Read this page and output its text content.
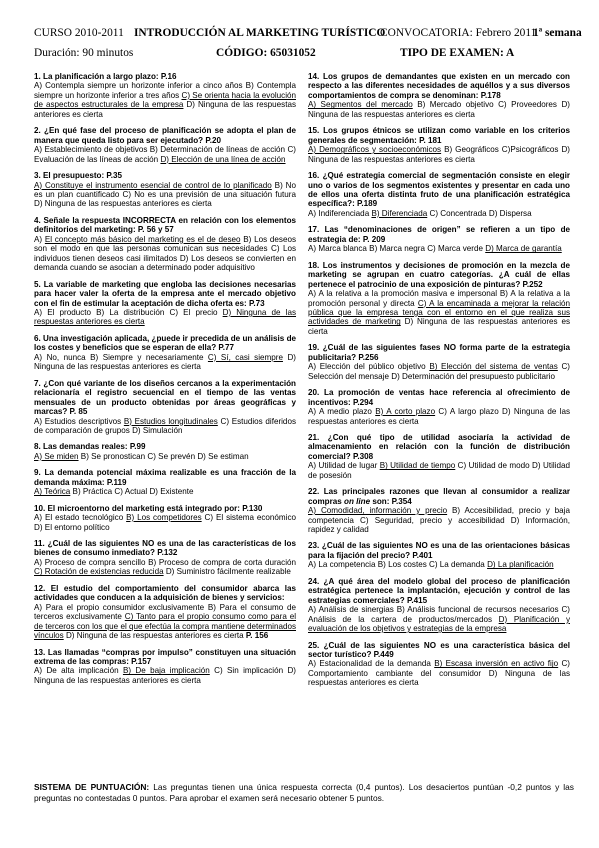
CURSO 2010-2011 INTRODUCCIÓN AL MARKETING TURÍSTICO
CONVOCATORIA: Febrero 2011
1ª semana
Duración: 90 minutos	CÓDIGO: 65031052	TIPO DE EXAMEN: A
1. La planificación a largo plazo: P.16
A) Contempla siempre un horizonte inferior a cinco años B) Contempla siempre un horizonte inferior a tres años C) Se orienta hacia la evolución de aspectos estructurales de la empresa D) Ninguna de las respuestas anteriores es cierta
2. ¿En qué fase del proceso de planificación se adopta el plan de manera que queda listo para ser ejecutado? P.20
A) Establecimiento de objetivos B) Determinación de líneas de acción C) Evaluación de las líneas de acción D) Elección de una línea de acción
3. El presupuesto: P.35
A) Constituye el instrumento esencial de control de lo planificado B) No es un plan cuantificado C) No es una previsión de una situación futura D) Ninguna de las respuestas anteriores es cierta
4. Señale la respuesta INCORRECTA en relación con los elementos definitorios del marketing: P. 56 y 57
A) El concepto más básico del marketing es el de deseo B) Los deseos son el modo en que las personas comunican sus necesidades C) Los individuos tienen deseos casi ilimitados D) Los deseos se convierten en demanda cuando se asocian a determinado poder adquisitivo
5. La variable de marketing que engloba las decisiones necesarias para hacer valer la oferta de la empresa ante el mercado objetivo con el fin de estimular la aceptación de dicha oferta es: P.73
A) El producto B) La distribución C) El precio D) Ninguna de las respuestas anteriores es cierta
6. Una investigación aplicada, ¿puede ir precedida de un análisis de los costes y beneficios que se esperan de ella? P.77
A) No, nunca B) Siempre y necesariamente C) Sí, casi siempre D) Ninguna de las respuestas anteriores es cierta
7. ¿Con qué variante de los diseños cercanos a la experimentación relacionaría el registro secuencial en el tiempo de las ventas mensuales de un producto obtenidas por áreas geográficas y marcas? P. 85
A) Estudios descriptivos B) Estudios longitudinales C) Estudios diferidos de comparación de grupos D) Simulación
8. Las demandas reales: P.99
A) Se miden B) Se pronostican C) Se prevén D) Se estiman
9. La demanda potencial máxima realizable es una fracción de la demanda máxima: P.119
A) Teórica B) Práctica C) Actual D) Existente
10. El microentorno del marketing está integrado por: P.130
A) El estado tecnológico B) Los competidores C) El sistema económico D) El entorno político
11. ¿Cuál de las siguientes NO es una de las características de los bienes de consumo inmediato? P.132
A) Proceso de compra sencillo B) Proceso de compra de corta duración C) Rotación de existencias reducida D) Suministro fácilmente realizable
12. El estudio del comportamiento del consumidor abarca las actividades que conducen a la adquisición de bienes y servicios:
A) Para el propio consumidor exclusivamente B) Para el consumo de terceros exclusivamente C) Tanto para el propio consumo como para el de terceros con los que el que efectúa la compra mantiene determinados vínculos D) Ninguna de las respuestas anteriores es cierta P. 156
13. Las llamadas “compras por impulso” constituyen una situación extrema de las compras: P.157
A) De alta implicación B) De baja implicación C) Sin implicación D) Ninguna de las respuestas anteriores es cierta
14. Los grupos de demandantes que existen en un mercado con respecto a las diferentes necesidades de aquéllos y a sus diversos comportamientos de compra se denominan: P.178
A) Segmentos del mercado B) Mercado objetivo C) Proveedores D) Ninguna de las respuestas anteriores es cierta
15. Los grupos étnicos se utilizan como variable en los criterios generales de segmentación: P. 181
A) Demográficos y socioeconómicos B) Geográficos C)Psicográficos D) Ninguna de las respuestas anteriores es cierta
16. ¿Qué estrategia comercial de segmentación consiste en elegir uno o varios de los segmentos existentes y presentar en cada uno de ellos una oferta distinta fruto de una planificación estratégica específica?: P.189
A) Indiferenciada B) Diferenciada C) Concentrada D) Dispersa
17. Las “denominaciones de origen” se refieren a un tipo de estrategia de: P. 209
A) Marca blanca B) Marca negra C) Marca verde D) Marca de garantía
18. Los instrumentos y decisiones de promoción en la mezcla de marketing se agrupan en cuatro categorías. ¿A cuál de ellas pertenece el patrocinio de una exposición de pinturas? P.252
A) A la relativa a la promoción masiva e impersonal B) A la relativa a la promoción personal y directa C) A la encaminada a mejorar la relación pública que la empresa tenga con el entorno en el que realiza sus actividades de marketing D) Ninguna de las respuestas anteriores es cierta
19. ¿Cuál de las siguientes fases NO forma parte de la estrategia publicitaria? P.256
A) Elección del público objetivo B) Elección del sistema de ventas C) Selección del mensaje D) Determinación del presupuesto publicitario
20. La promoción de ventas hace referencia al ofrecimiento de incentivos: P.294
A) A medio plazo B) A corto plazo C) A largo plazo D) Ninguna de las respuestas anteriores es cierta
21. ¿Con qué tipo de utilidad asociaría la actividad de almacenamiento en relación con la función de distribución comercial? P.308
A) Utilidad de lugar B) Utilidad de tiempo C) Utilidad de modo D) Utilidad de posesión
22. Las principales razones que llevan al consumidor a realizar compras on line son: P.354
A) Comodidad, información y precio B) Accesibilidad, precio y baja competencia C) Seguridad, precio y accesibilidad D) Información, rapidez y calidad
23. ¿Cuál de las siguientes NO es una de las orientaciones básicas para la fijación del precio? P.401
A) La competencia B) Los costes C) La demanda D) La planificación
24. ¿A qué área del modelo global del proceso de planificación estratégica pertenece la implantación, ejecución y control de las estrategias comerciales? P.415
A) Análisis de sinergias B) Análisis funcional de recursos necesarios C) Análisis de la cartera de productos/mercados D) Planificación y evaluación de los objetivos y estrategias de la empresa
25. ¿Cuál de las siguientes NO es una característica básica del sector turístico? P.449
A) Estacionalidad de la demanda B) Escasa inversión en activo fijo C) Comportamiento cambiante del consumidor D) Ninguna de las respuestas anteriores es cierta
SISTEMA DE PUNTUACIÓN: Las preguntas tienen una única respuesta correcta (0,4 puntos). Los desaciertos puntúan -0,2 puntos y las preguntas no contestadas 0 puntos. Para aprobar el examen será necesario obtener 5 puntos.
